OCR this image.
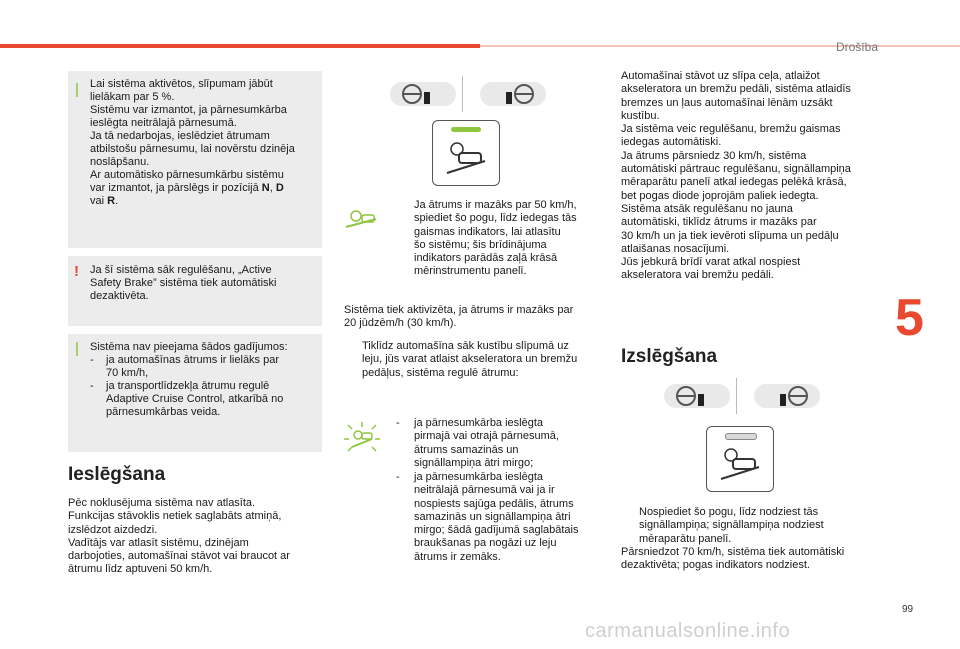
Drošība
5
99
carmanualsonline.info
Lai sistēma aktivētos, slīpumam jābūt
lielākam par 5 %.
Sistēmu var izmantot, ja pārnesumkārba
ieslēgta neitrālajā pārnesumā.
Ja tā nedarbojas, ieslēdziet ātrumam
atbilstošu pārnesumu, lai novērstu dzinēja
noslāpšanu.
Ar automātisko pārnesumkārbu sistēmu
var izmantot, ja pārslēgs ir pozīcijā N, D
vai R.
! Ja šī sistēma sāk regulēšanu, „Active
Safety Brake” sistēma tiek automātiski
dezaktivēta.
Sistēma nav pieejama šādos gadījumos:
- ja automašīnas ātrums ir lielāks par
70 km/h,
- ja transportlīdzekļa ātrumu regulē
Adaptive Cruise Control, atkarībā no
pārnesumkārbas veida.
Ieslēgšana
Pēc noklusējuma sistēma nav atlasīta.
Funkcijas stāvoklis netiek saglabāts atmiņā,
izslēdzot aizdedzi.
Vadītājs var atlasīt sistēmu, dzinējam
darbojoties, automašīnai stāvot vai braucot ar
ātrumu līdz aptuveni 50 km/h.
Ja ātrums ir mazāks par 50 km/h,
spiediet šo pogu, līdz iedegas tās
gaismas indikators, lai atlasītu
šo sistēmu; šis brīdinājuma
indikators parādās zaļā krāsā
mērinstrumentu panelī.
Sistēma tiek aktivizēta, ja ātrums ir mazāks par
20 jūdzēm/h (30 km/h).
Tiklīdz automašīna sāk kustību slīpumā uz
leju, jūs varat atlaist akseleratora un bremžu
pedāļus, sistēma regulē ātrumu:
- ja pārnesumkārba ieslēgta
pirmajā vai otrajā pārnesumā,
ātrums samazinās un
signāllampiņa ātri mirgo;
- ja pārnesumkārba ieslēgta
neitrālajā pārnesumā vai ja ir
nospiests sajūga pedālis, ātrums
samazinās un signāllampiņa ātri
mirgo; šādā gadījumā saglabātais
braukšanas pa nogāzi uz leju
ātrums ir zemāks.
Automašīnai stāvot uz slīpa ceļa, atlaižot
akseleratora un bremžu pedāli, sistēma atlaidīs
bremzes un ļaus automašīnai lēnām uzsākt
kustību.
Ja sistēma veic regulēšanu, bremžu gaismas
iedegas automātiski.
Ja ātrums pārsniedz 30 km/h, sistēma
automātiski pārtrauc regulēšanu, signāllampiņa
mēraparātu panelī atkal iedegas pelēkā krāsā,
bet pogas diode joprojām paliek iedegta.
Sistēma atsāk regulēšanu no jauna
automātiski, tiklīdz ātrums ir mazāks par
30 km/h un ja tiek ievēroti slīpuma un pedāļu
atlaišanas nosacījumi.
Jūs jebkurā brīdī varat atkal nospiest
akseleratora vai bremžu pedāli.
Izslēgšana
Nospiediet šo pogu, līdz nodziest tās
signāllampiņa; signāllampiņa nodziest
mēraparātu panelī.
Pārsniedzot 70 km/h, sistēma tiek automātiski
dezaktivēta; pogas indikators nodziest.
